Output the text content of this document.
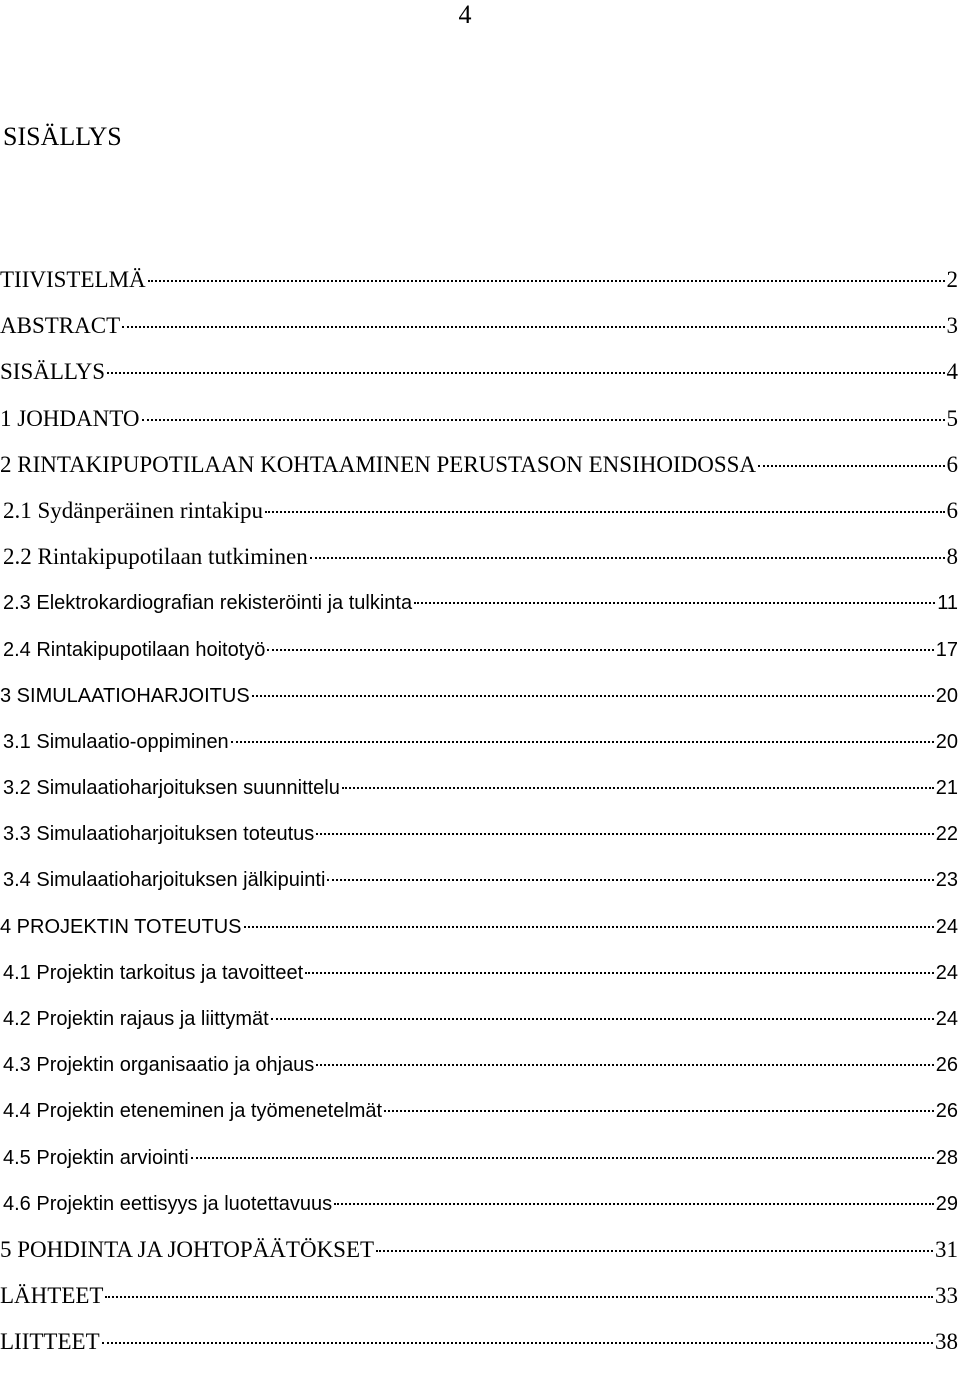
4
SISÄLLYS
TIIVISTELMÄ	2
ABSTRACT	3
SISÄLLYS	4
1 JOHDANTO	5
2 RINTAKIPUPOTILAAN KOHTAAMINEN PERUSTASON ENSIHOIDOSSA	6
2.1 Sydänperäinen rintakipu	6
2.2 Rintakipupotilaan tutkiminen	8
2.3 Elektrokardiografian rekisteröinti ja tulkinta	11
2.4 Rintakipupotilaan hoitotyö	17
3 SIMULAATIOHARJOITUS	20
3.1 Simulaatio-oppiminen	20
3.2 Simulaatioharjoituksen suunnittelu	21
3.3 Simulaatioharjoituksen toteutus	22
3.4 Simulaatioharjoituksen jälkipuinti	23
4 PROJEKTIN TOTEUTUS	24
4.1 Projektin tarkoitus ja tavoitteet	24
4.2 Projektin rajaus ja liittymät	24
4.3 Projektin organisaatio ja ohjaus	26
4.4 Projektin eteneminen ja työmenetelmät	26
4.5 Projektin arviointi	28
4.6 Projektin eettisyys ja luotettavuus	29
5 POHDINTA JA JOHTOPÄÄTÖKSET	31
LÄHTEET	33
LIITTEET	38
